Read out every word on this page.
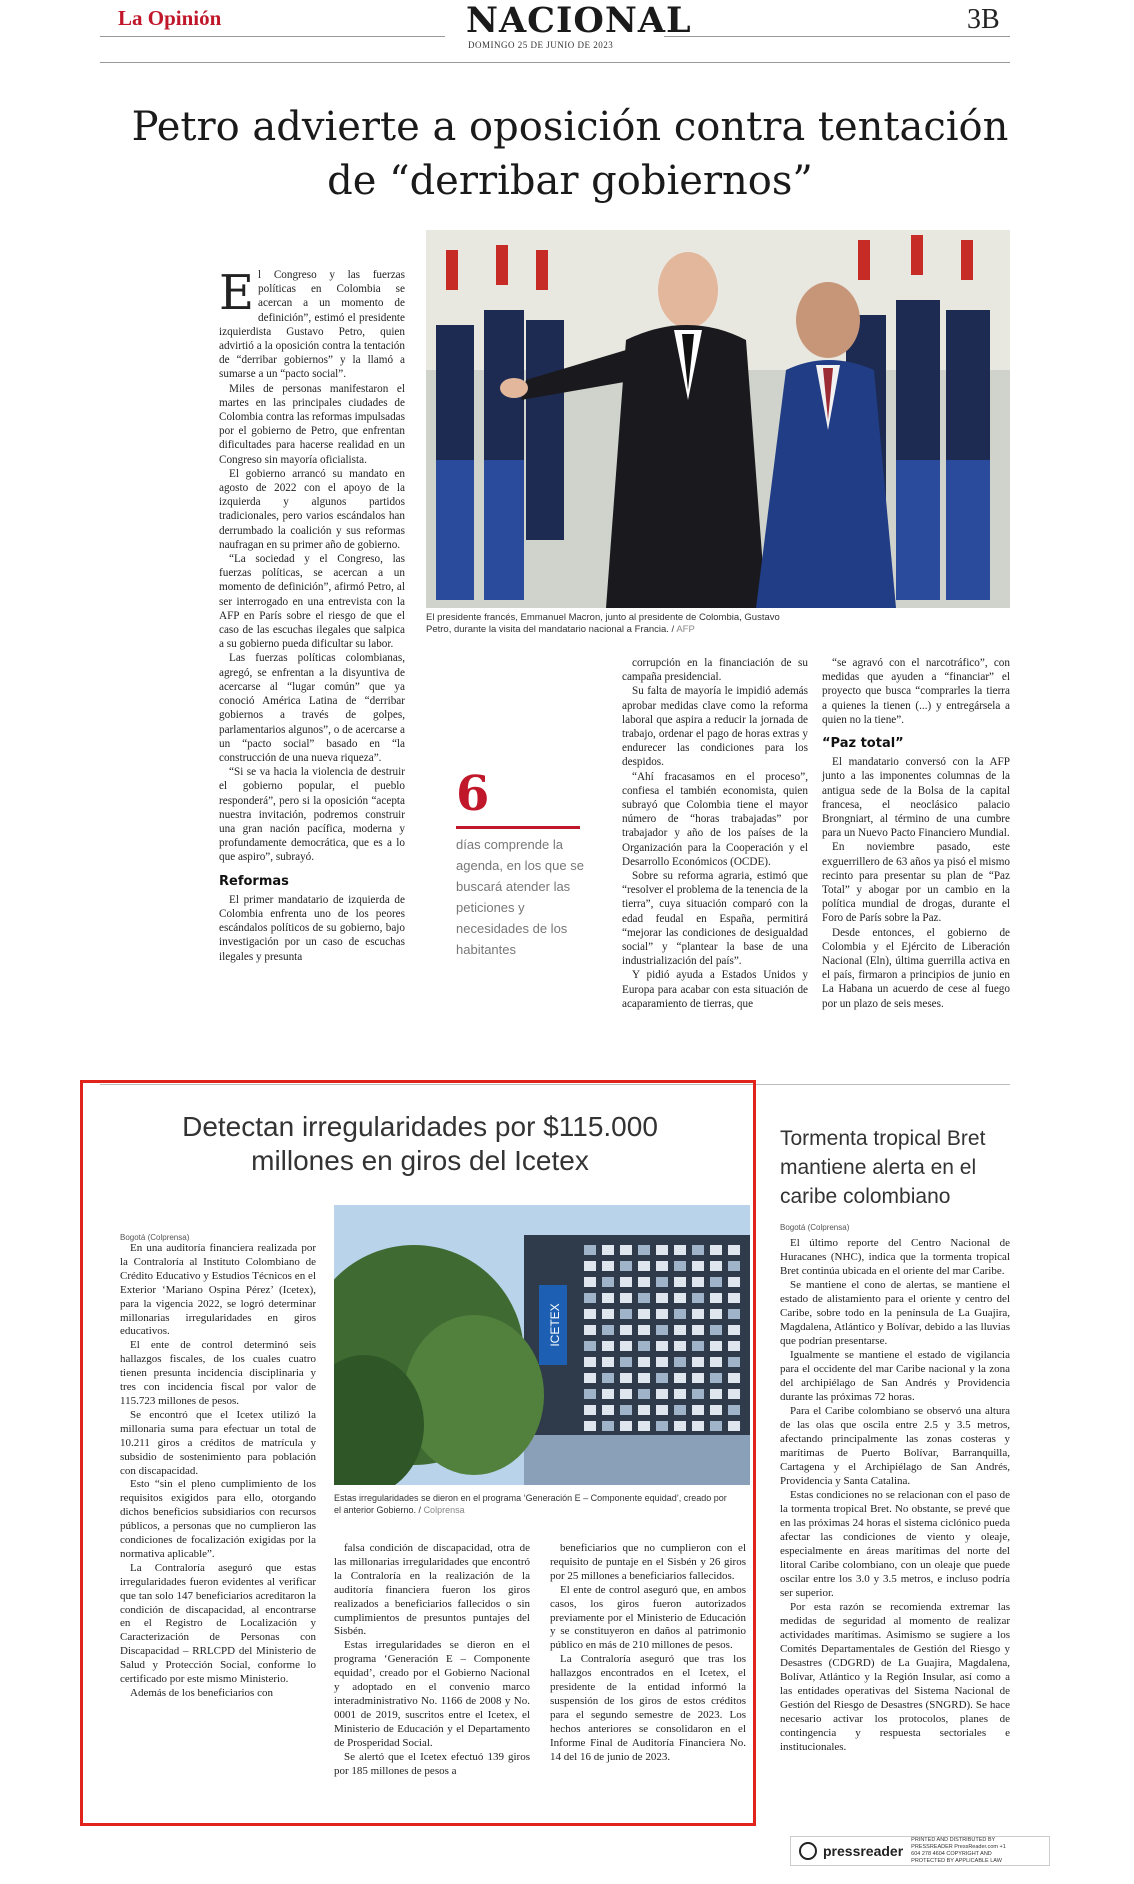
La Opinión	NACIONAL
DOMINGO 25 DE JUNIO DE 2023
3B
Petro advierte a oposición contra tentación de “derribar gobiernos”
E l Congreso y las fuerzas políticas en Colombia se acercan a un momento de definición”, estimó el presidente izquierdista Gustavo Petro, quien advirtió a la oposición contra la tentación de “derribar gobiernos” y la llamó a sumarse a un “pacto social”.

Miles de personas manifestaron el martes en las principales ciudades de Colombia contra las reformas impulsadas por el gobierno de Petro, que enfrentan dificultades para hacerse realidad en un Congreso sin mayoría oficialista.

El gobierno arrancó su mandato en agosto de 2022 con el apoyo de la izquierda y algunos partidos tradicionales, pero varios escándalos han derrumbado la coalición y sus reformas naufragan en su primer año de gobierno.

“La sociedad y el Congreso, las fuerzas políticas, se acercan a un momento de definición”, afirmó Petro, al ser interrogado en una entrevista con la AFP en París sobre el riesgo de que el caso de las escuchas ilegales que salpica a su gobierno pueda dificultar su labor.

Las fuerzas políticas colombianas, agregó, se enfrentan a la disyuntiva de acercarse al “lugar común” que ya conoció América Latina de “derribar gobiernos a través de golpes, parlamentarios algunos”, o de acercarse a un “pacto social” basado en “la construcción de una nueva riqueza”.

“Si se va hacia la violencia de destruir el gobierno popular, el pueblo responderá”, pero si la oposición “acepta nuestra invitación, podremos construir una gran nación pacífica, moderna y profundamente democrática, que es a lo que aspiro”, subrayó.

Reformas

El primer mandatario de izquierda de Colombia enfrenta uno de los peores escándalos políticos de su gobierno, bajo investigación por un caso de escuchas ilegales y presunta

El presidente francés, Emmanuel Macron, junto al presidente de Colombia, Gustavo Petro, durante la visita del mandatario nacional a Francia. / AFP
6
días comprende la agenda, en los que se buscará atender las peticiones y necesidades de los habitantes

corrupción en la financiación de su campaña presidencial.

Su falta de mayoría le impidió además aprobar medidas clave como la reforma laboral que aspira a reducir la jornada de trabajo, ordenar el pago de horas extras y endurecer las condiciones para los despidos.

“Ahí fracasamos en el proceso”, confiesa el también economista, quien subrayó que Colombia tiene el mayor número de “horas trabajadas” por trabajador y año de los países de la Organización para la Cooperación y el Desarrollo Económicos (OCDE).

Sobre su reforma agraria, estimó que “resolver el problema de la tenencia de la tierra”, cuya situación comparó con la edad feudal en España, permitirá “mejorar las condiciones de desigualdad social” y “plantear la base de una industrialización del país”.

Y pidió ayuda a Estados Unidos y Europa para acabar con esta situación de acaparamiento de tierras, que

“se agravó con el narcotráfico”, con medidas que ayuden a “financiar” el proyecto que busca “comprarles la tierra a quienes la tienen (...) y entregársela a quien no la tiene”.

“Paz total”

El mandatario conversó con la AFP junto a las imponentes columnas de la antigua sede de la Bolsa de la capital francesa, el neoclásico palacio Brongniart, al término de una cumbre para un Nuevo Pacto Financiero Mundial.

En noviembre pasado, este exguerrillero de 63 años ya pisó el mismo recinto para presentar su plan de “Paz Total” y abogar por un cambio en la política mundial de drogas, durante el Foro de París sobre la Paz.

Desde entonces, el gobierno de Colombia y el Ejército de Liberación Nacional (Eln), última guerrilla activa en el país, firmaron a principios de junio en La Habana un acuerdo de cese al fuego por un plazo de seis meses.

Detectan irregularidades por $115.000 millones en giros del Icetex
Bogotá (Colprensa)

En una auditoría financiera realizada por la Contraloría al Instituto Colombiano de Crédito Educativo y Estudios Técnicos en el Exterior ‘Mariano Ospina Pérez’ (Icetex), para la vigencia 2022, se logró determinar millonarias irregularidades en giros educativos.

El ente de control determinó seis hallazgos fiscales, de los cuales cuatro tienen presunta incidencia disciplinaria y tres con incidencia fiscal por valor de 115.723 millones de pesos.

Se encontró que el Icetex utilizó la millonaria suma para efectuar un total de 10.211 giros a créditos de matrícula y subsidio de sostenimiento para población con discapacidad.

Esto “sin el pleno cumplimiento de los requisitos exigidos para ello, otorgando dichos beneficios subsidiarios con recursos públicos, a personas que no cumplieron las condiciones de focalización exigidas por la normativa aplicable”.

La Contraloría aseguró que estas irregularidades fueron evidentes al verificar que tan solo 147 beneficiarios acreditaron la condición de discapacidad, al encontrarse en el Registro de Localización y Caracterización de Personas con Discapacidad – RRLCPD del Ministerio de Salud y Protección Social, conforme lo certificado por este mismo Ministerio.

Además de los beneficiarios con

ICETEX
Estas irregularidades se dieron en el programa ‘Generación E – Componente equidad’, creado por el anterior Gobierno. / Colprensa

falsa condición de discapacidad, otra de las millonarias irregularidades que encontró la Contraloría en la realización de la auditoría financiera fueron los giros realizados a beneficiarios fallecidos o sin cumplimientos de presuntos puntajes del Sisbén.

Estas irregularidades se dieron en el programa ‘Generación E – Componente equidad’, creado por el Gobierno Nacional y adoptado en el convenio marco interadministrativo No. 1166 de 2008 y No. 0001 de 2019, suscritos entre el Icetex, el Ministerio de Educación y el Departamento de Prosperidad Social.

Se alertó que el Icetex efectuó 139 giros por 185 millones de pesos a

beneficiarios que no cumplieron con el requisito de puntaje en el Sisbén y 26 giros por 25 millones a beneficiarios fallecidos.

El ente de control aseguró que, en ambos casos, los giros fueron autorizados previamente por el Ministerio de Educación y se constituyeron en daños al patrimonio público en más de 210 millones de pesos.

La Contraloría aseguró que tras los hallazgos encontrados en el Icetex, el presidente de la entidad informó la suspensión de los giros de estos créditos para el segundo semestre de 2023. Los hechos anteriores se consolidaron en el Informe Final de Auditoría Financiera No. 14 del 16 de junio de 2023.

Tormenta tropical Bret mantiene alerta en el caribe colombiano
Bogotá (Colprensa)

El último reporte del Centro Nacional de Huracanes (NHC), indica que la tormenta tropical Bret continúa ubicada en el oriente del mar Caribe.

Se mantiene el cono de alertas, se mantiene el estado de alistamiento para el oriente y centro del Caribe, sobre todo en la península de La Guajira, Magdalena, Atlántico y Bolívar, debido a las lluvias que podrían presentarse.

Igualmente se mantiene el estado de vigilancia para el occidente del mar Caribe nacional y la zona del archipiélago de San Andrés y Providencia durante las próximas 72 horas.

Para el Caribe colombiano se observó una altura de las olas que oscila entre 2.5 y 3.5 metros, afectando principalmente las zonas costeras y marítimas de Puerto Bolívar, Barranquilla, Cartagena y el Archipiélago de San Andrés, Providencia y Santa Catalina.

Estas condiciones no se relacionan con el paso de la tormenta tropical Bret. No obstante, se prevé que en las próximas 24 horas el sistema ciclónico pueda afectar las condiciones de viento y oleaje, especialmente en áreas marítimas del norte del litoral Caribe colombiano, con un oleaje que puede oscilar entre los 3.0 y 3.5 metros, e incluso podría ser superior.

Por esta razón se recomienda extremar las medidas de seguridad al momento de realizar actividades marítimas. Asimismo se sugiere a los Comités Departamentales de Gestión del Riesgo y Desastres (CDGRD) de La Guajira, Magdalena, Bolívar, Atlántico y la Región Insular, así como a las entidades operativas del Sistema Nacional de Gestión del Riesgo de Desastres (SNGRD). Se hace necesario activar los protocolos, planes de contingencia y respuesta sectoriales e institucionales.

pressreader
PRINTED AND DISTRIBUTED BY PRESSREADER PressReader.com +1 604 278 4604 COPYRIGHT AND PROTECTED BY APPLICABLE LAW
